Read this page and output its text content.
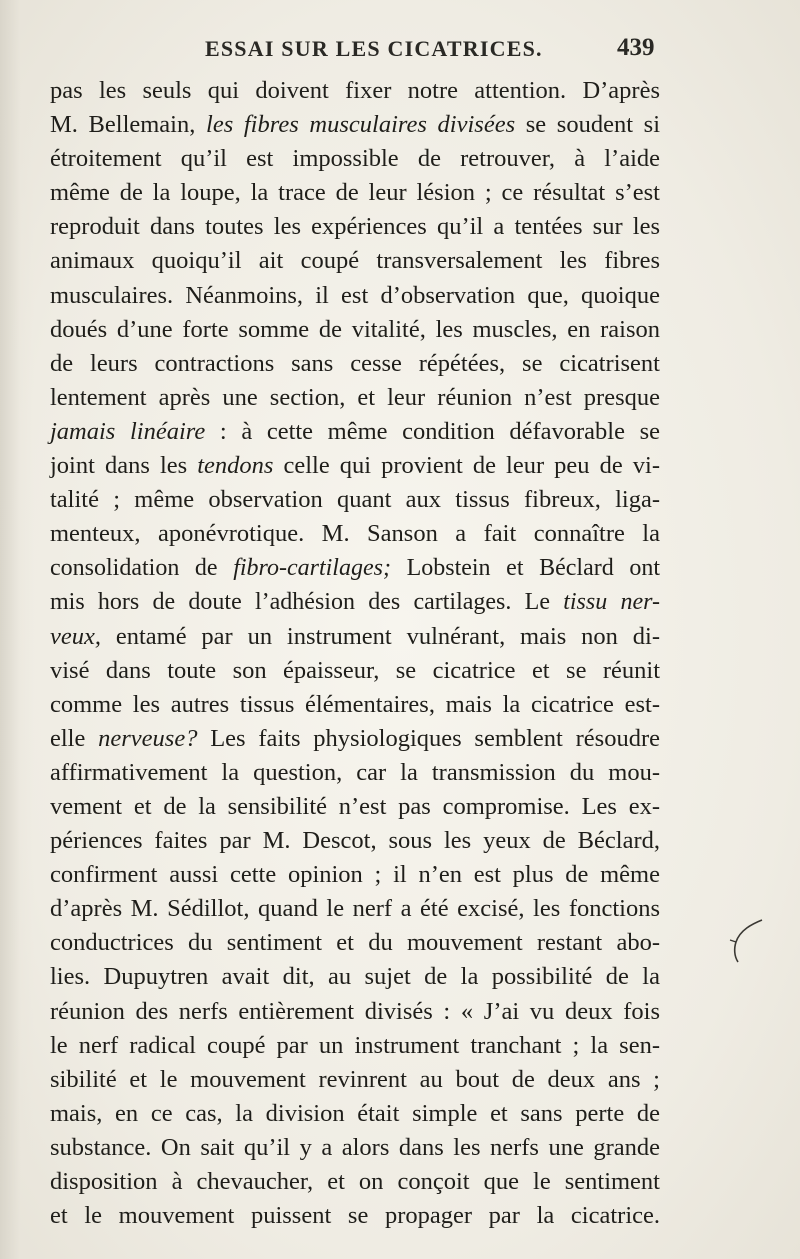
ESSAI SUR LES CICATRICES.	439
pas les seuls qui doivent fixer notre attention. D’après
M. Bellemain, les fibres musculaires divisées se soudent si
étroitement qu’il est impossible de retrouver, à l’aide
même de la loupe, la trace de leur lésion ; ce résultat s’est
reproduit dans toutes les expériences qu’il a tentées sur les
animaux quoiqu’il ait coupé transversalement les fibres
musculaires. Néanmoins, il est d’observation que, quoique
doués d’une forte somme de vitalité, les muscles, en raison
de leurs contractions sans cesse répétées, se cicatrisent
lentement après une section, et leur réunion n’est presque
jamais linéaire : à cette même condition défavorable se
joint dans les tendons celle qui provient de leur peu de vi-
talité ; même observation quant aux tissus fibreux, liga-
menteux, aponévrotique. M. Sanson a fait connaître la
consolidation de fibro-cartilages; Lobstein et Béclard ont
mis hors de doute l’adhésion des cartilages. Le tissu ner-
veux, entamé par un instrument vulnérant, mais non di-
visé dans toute son épaisseur, se cicatrice et se réunit
comme les autres tissus élémentaires, mais la cicatrice est-
elle nerveuse? Les faits physiologiques semblent résoudre
affirmativement la question, car la transmission du mou-
vement et de la sensibilité n’est pas compromise. Les ex-
périences faites par M. Descot, sous les yeux de Béclard,
confirment aussi cette opinion ; il n’en est plus de même
d’après M. Sédillot, quand le nerf a été excisé, les fonctions
conductrices du sentiment et du mouvement restant abo-
lies. Dupuytren avait dit, au sujet de la possibilité de la
réunion des nerfs entièrement divisés : « J’ai vu deux fois
le nerf radical coupé par un instrument tranchant ; la sen-
sibilité et le mouvement revinrent au bout de deux ans ;
mais, en ce cas, la division était simple et sans perte de
substance. On sait qu’il y a alors dans les nerfs une grande
disposition à chevaucher, et on conçoit que le sentiment
et le mouvement puissent se propager par la cicatrice.
